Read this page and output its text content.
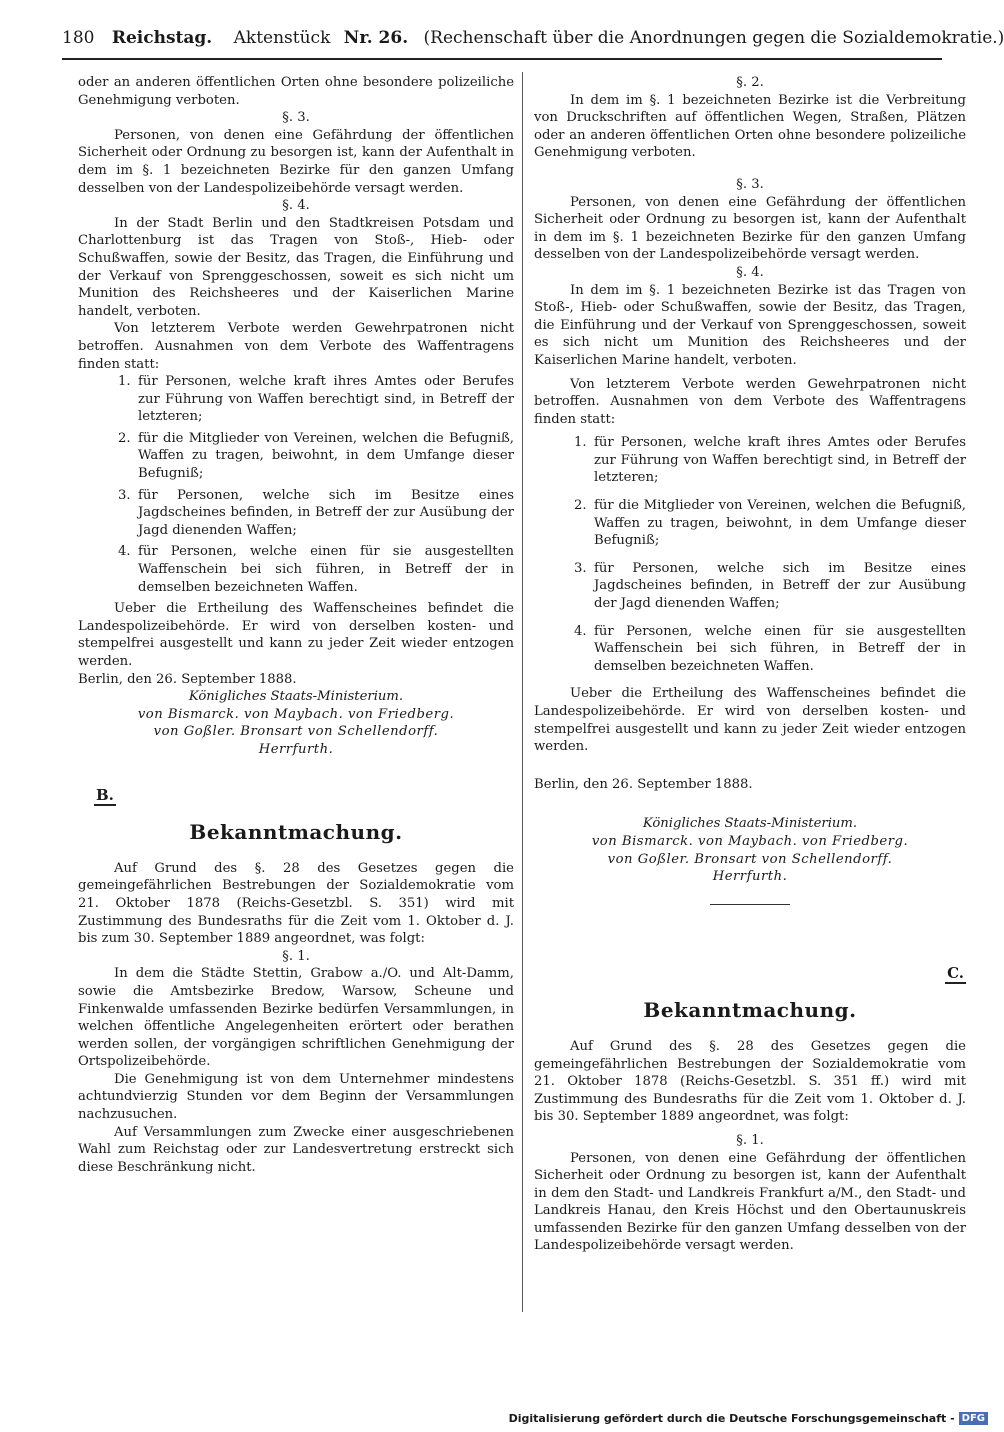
180 Reichstag. Aktenstück Nr. 26. (Rechenschaft über die Anordnungen gegen die Sozialdemokratie.)

oder an anderen öffentlichen Orten ohne besondere polizeiliche Genehmigung verboten.

§. 3.

Personen, von denen eine Gefährdung der öffentlichen Sicherheit oder Ordnung zu besorgen ist, kann der Aufenthalt in dem im §. 1 bezeichneten Bezirke für den ganzen Umfang desselben von der Landespolizeibehörde versagt werden.

§. 4.

In der Stadt Berlin und den Stadtkreisen Potsdam und Charlottenburg ist das Tragen von Stoß-, Hieb- oder Schußwaffen, sowie der Besitz, das Tragen, die Einführung und der Verkauf von Sprenggeschossen, soweit es sich nicht um Munition des Reichsheeres und der Kaiserlichen Marine handelt, verboten.

Von letzterem Verbote werden Gewehrpatronen nicht betroffen. Ausnahmen von dem Verbote des Waffentragens finden statt:

1. für Personen, welche kraft ihres Amtes oder Berufes zur Führung von Waffen berechtigt sind, in Betreff der letzteren;
2. für die Mitglieder von Vereinen, welchen die Befugniß, Waffen zu tragen, beiwohnt, in dem Umfange dieser Befugniß;
3. für Personen, welche sich im Besitze eines Jagdscheines befinden, in Betreff der zur Ausübung der Jagd dienenden Waffen;
4. für Personen, welche einen für sie ausgestellten Waffenschein bei sich führen, in Betreff der in demselben bezeichneten Waffen.

Ueber die Ertheilung des Waffenscheines befindet die Landespolizeibehörde. Er wird von derselben kosten- und stempelfrei ausgestellt und kann zu jeder Zeit wieder entzogen werden.

Berlin, den 26. September 1888.

Königliches Staats-Ministerium.

von Bismarck. von Maybach. von Friedberg.
von Goßler. Bronsart von Schellendorff.
Herrfurth.

B.
Bekanntmachung.

Auf Grund des §. 28 des Gesetzes gegen die gemeingefährlichen Bestrebungen der Sozialdemokratie vom 21. Oktober 1878 (Reichs-Gesetzbl. S. 351) wird mit Zustimmung des Bundesraths für die Zeit vom 1. Oktober d. J. bis zum 30. September 1889 angeordnet, was folgt:

§. 1.

In dem die Städte Stettin, Grabow a./O. und Alt-Damm, sowie die Amtsbezirke Bredow, Warsow, Scheune und Finkenwalde umfassenden Bezirke bedürfen Versammlungen, in welchen öffentliche Angelegenheiten erörtert oder berathen werden sollen, der vorgängigen schriftlichen Genehmigung der Ortspolizeibehörde.

Die Genehmigung ist von dem Unternehmer mindestens achtundvierzig Stunden vor dem Beginn der Versammlungen nachzusuchen.

Auf Versammlungen zum Zwecke einer ausgeschriebenen Wahl zum Reichstag oder zur Landesvertretung erstreckt sich diese Beschränkung nicht.

§. 2.

In dem im §. 1 bezeichneten Bezirke ist die Verbreitung von Druckschriften auf öffentlichen Wegen, Straßen, Plätzen oder an anderen öffentlichen Orten ohne besondere polizeiliche Genehmigung verboten.

§. 3.

Personen, von denen eine Gefährdung der öffentlichen Sicherheit oder Ordnung zu besorgen ist, kann der Aufenthalt in dem im §. 1 bezeichneten Bezirke für den ganzen Umfang desselben von der Landespolizeibehörde versagt werden.

§. 4.

In dem im §. 1 bezeichneten Bezirke ist das Tragen von Stoß-, Hieb- oder Schußwaffen, sowie der Besitz, das Tragen, die Einführung und der Verkauf von Sprenggeschossen, soweit es sich nicht um Munition des Reichsheeres und der Kaiserlichen Marine handelt, verboten.

Von letzterem Verbote werden Gewehrpatronen nicht betroffen. Ausnahmen von dem Verbote des Waffentragens finden statt:

1. für Personen, welche kraft ihres Amtes oder Berufes zur Führung von Waffen berechtigt sind, in Betreff der letzteren;
2. für die Mitglieder von Vereinen, welchen die Befugniß, Waffen zu tragen, beiwohnt, in dem Umfange dieser Befugniß;
3. für Personen, welche sich im Besitze eines Jagdscheines befinden, in Betreff der zur Ausübung der Jagd dienenden Waffen;
4. für Personen, welche einen für sie ausgestellten Waffenschein bei sich führen, in Betreff der in demselben bezeichneten Waffen.

Ueber die Ertheilung des Waffenscheines befindet die Landespolizeibehörde. Er wird von derselben kosten- und stempelfrei ausgestellt und kann zu jeder Zeit wieder entzogen werden.

Berlin, den 26. September 1888.

Königliches Staats-Ministerium.

von Bismarck. von Maybach. von Friedberg.
von Goßler. Bronsart von Schellendorff.
Herrfurth.

C.
Bekanntmachung.

Auf Grund des §. 28 des Gesetzes gegen die gemeingefährlichen Bestrebungen der Sozialdemokratie vom 21. Oktober 1878 (Reichs-Gesetzbl. S. 351 ff.) wird mit Zustimmung des Bundesraths für die Zeit vom 1. Oktober d. J. bis 30. September 1889 angeordnet, was folgt:

§. 1.

Personen, von denen eine Gefährdung der öffentlichen Sicherheit oder Ordnung zu besorgen ist, kann der Aufenthalt in dem den Stadt- und Landkreis Frankfurt a/M., den Stadt- und Landkreis Hanau, den Kreis Höchst und den Obertaunuskreis umfassenden Bezirke für den ganzen Umfang desselben von der Landespolizeibehörde versagt werden.

Digitalisierung gefördert durch die Deutsche Forschungsgemeinschaft - DFG
